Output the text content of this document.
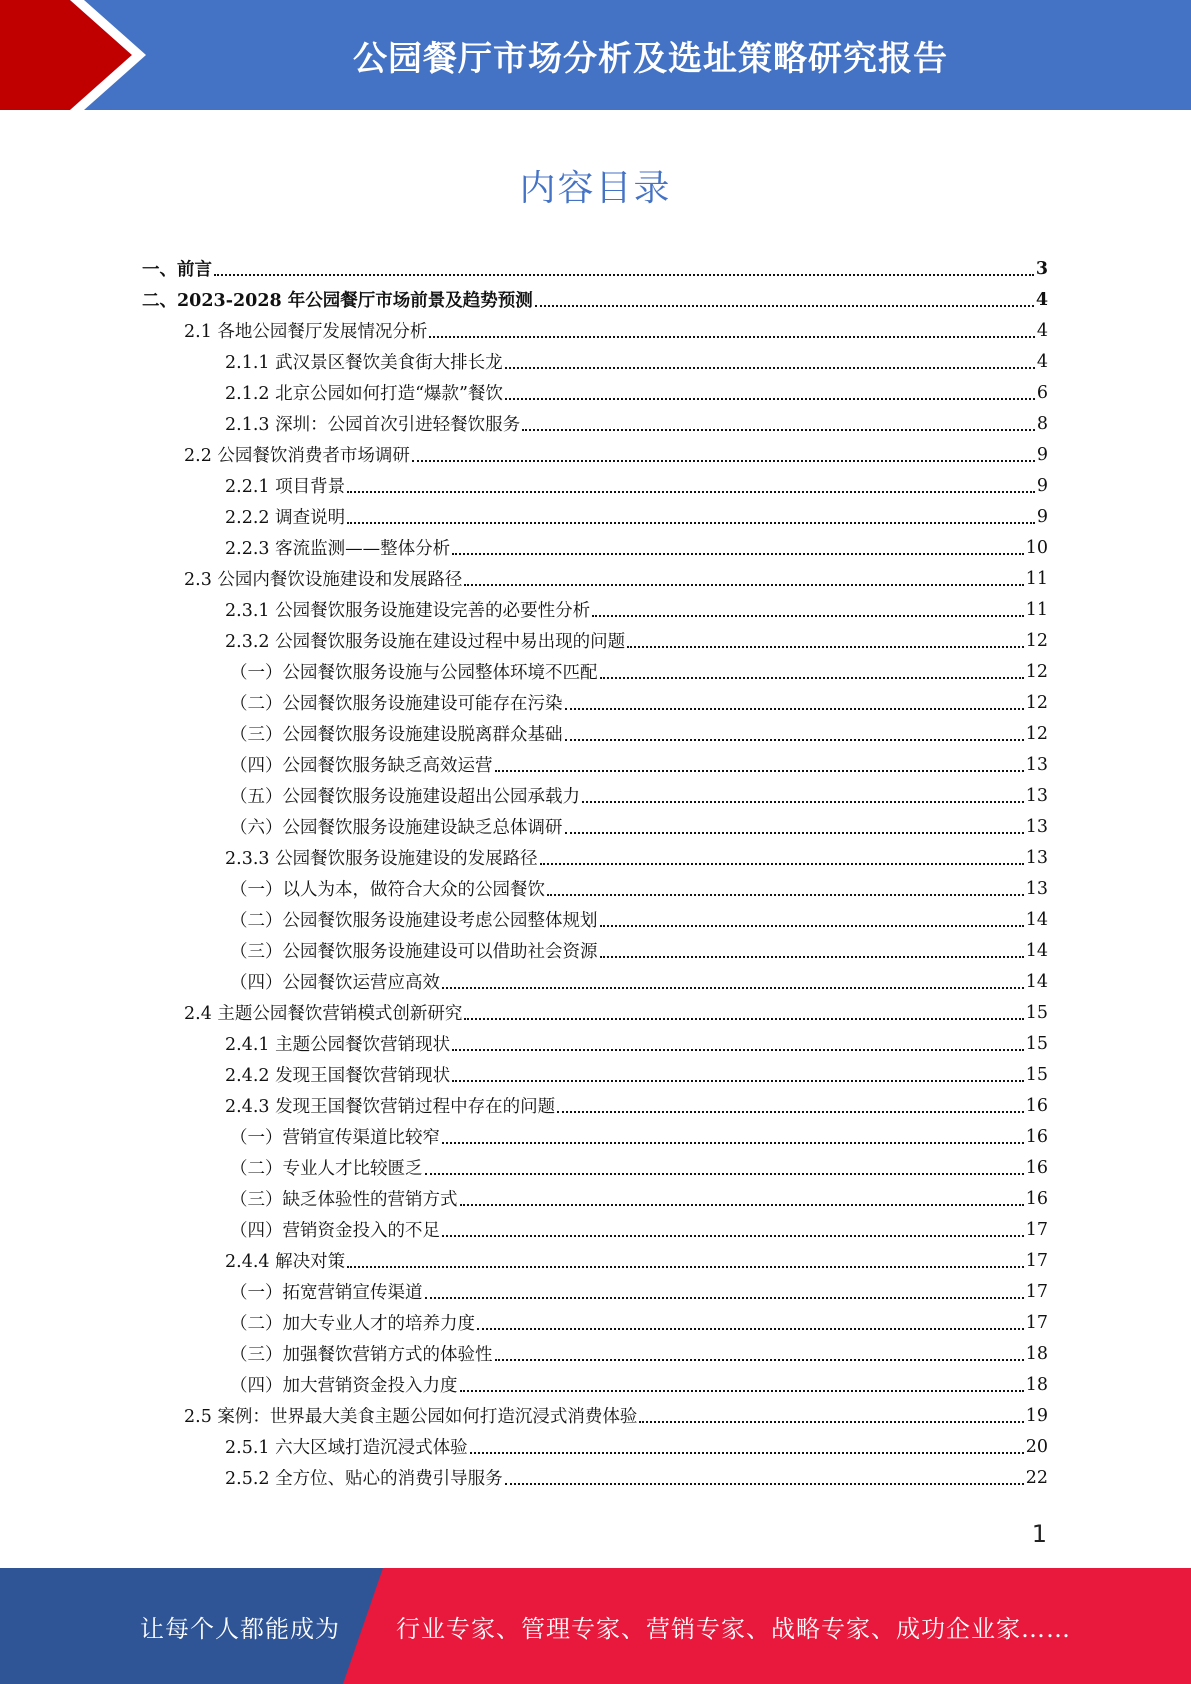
公园餐厅市场分析及选址策略研究报告
内容目录
一、前言	3
二、2023-2028 年公园餐厅市场前景及趋势预测	4
2.1 各地公园餐厅发展情况分析	4
2.1.1 武汉景区餐饮美食街大排长龙	4
2.1.2 北京公园如何打造“爆款”餐饮	6
2.1.3 深圳：公园首次引进轻餐饮服务	8
2.2 公园餐饮消费者市场调研	9
2.2.1 项目背景	9
2.2.2 调查说明	9
2.2.3 客流监测——整体分析	10
2.3 公园内餐饮设施建设和发展路径	11
2.3.1 公园餐饮服务设施建设完善的必要性分析	11
2.3.2 公园餐饮服务设施在建设过程中易出现的问题	12
（一）公园餐饮服务设施与公园整体环境不匹配	12
（二）公园餐饮服务设施建设可能存在污染	12
（三）公园餐饮服务设施建设脱离群众基础	12
（四）公园餐饮服务缺乏高效运营	13
（五）公园餐饮服务设施建设超出公园承载力	13
（六）公园餐饮服务设施建设缺乏总体调研	13
2.3.3 公园餐饮服务设施建设的发展路径	13
（一）以人为本，做符合大众的公园餐饮	13
（二）公园餐饮服务设施建设考虑公园整体规划	14
（三）公园餐饮服务设施建设可以借助社会资源	14
（四）公园餐饮运营应高效	14
2.4 主题公园餐饮营销模式创新研究	15
2.4.1 主题公园餐饮营销现状	15
2.4.2 发现王国餐饮营销现状	15
2.4.3 发现王国餐饮营销过程中存在的问题	16
（一）营销宣传渠道比较窄	16
（二）专业人才比较匮乏	16
（三）缺乏体验性的营销方式	16
（四）营销资金投入的不足	17
2.4.4 解决对策	17
（一）拓宽营销宣传渠道	17
（二）加大专业人才的培养力度	17
（三）加强餐饮营销方式的体验性	18
（四）加大营销资金投入力度	18
2.5 案例：世界最大美食主题公园如何打造沉浸式消费体验	19
2.5.1 六大区域打造沉浸式体验	20
2.5.2 全方位、贴心的消费引导服务	22
1
让每个人都能成为 行业专家、管理专家、营销专家、战略专家、成功企业家……
